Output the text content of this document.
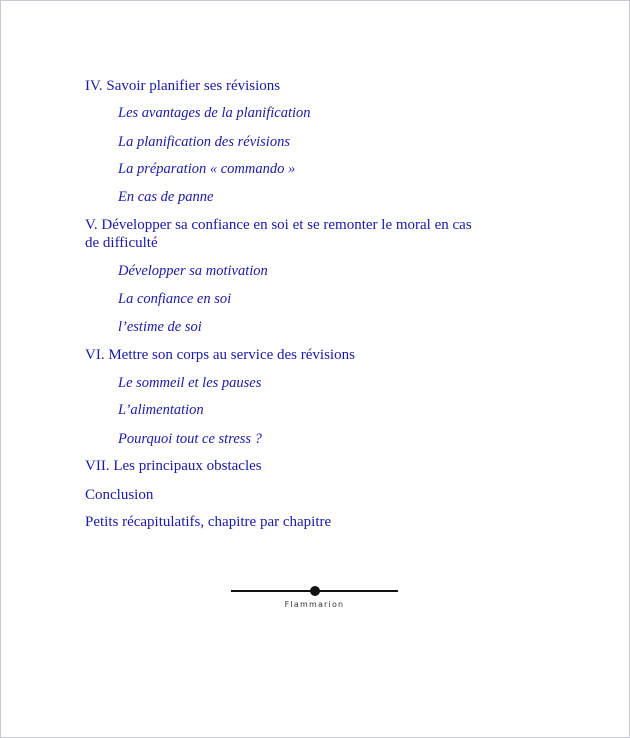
IV. Savoir planifier ses révisions
Les avantages de la planification
La planification des révisions
La préparation « commando »
En cas de panne
V. Développer sa confiance en soi et se remonter le moral en cas de difficulté
Développer sa motivation
La confiance en soi
l’estime de soi
VI. Mettre son corps au service des révisions
Le sommeil et les pauses
L’alimentation
Pourquoi tout ce stress ?
VII. Les principaux obstacles
Conclusion
Petits récapitulatifs, chapitre par chapitre
Flammarion
